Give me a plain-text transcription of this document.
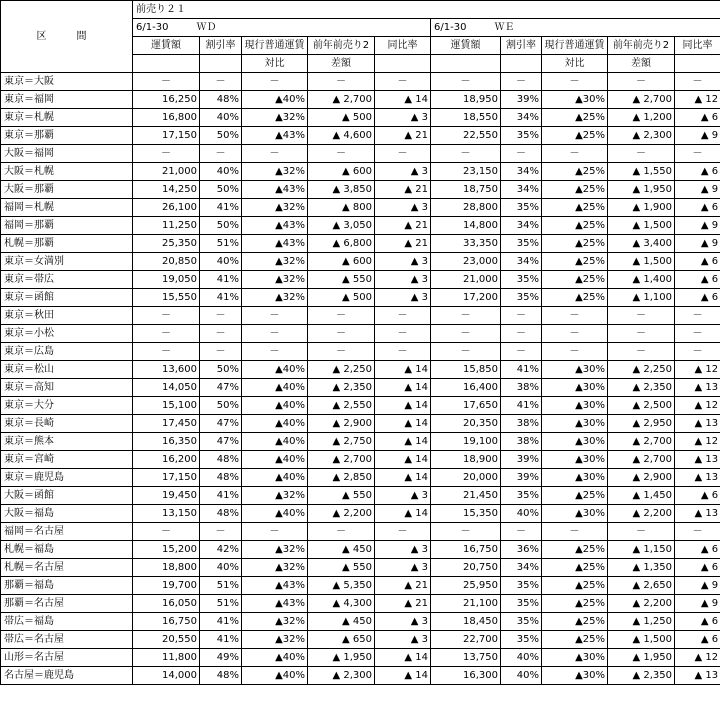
区　間	前売り２１									
	6/1-30 ＷＤ					6/1-30 ＷＥ				
	運賃額	割引率	現行普通運賃	前年前売り2	同比率	運賃額	割引率	現行普通運賃	前年前売り2	同比率
			対比	差額				対比	差額	
東京＝大阪	－	－	－	－	－	－	－	－	－	－
東京＝福岡	16,250	48%	▲40%	▲ 2,700	▲ 14	18,950	39%	▲30%	▲ 2,700	▲ 12
東京＝札幌	16,800	40%	▲32%	▲ 500	▲ 3	18,550	34%	▲25%	▲ 1,200	▲ 6
東京＝那覇	17,150	50%	▲43%	▲ 4,600	▲ 21	22,550	35%	▲25%	▲ 2,300	▲ 9
大阪＝福岡	－	－	－	－	－	－	－	－	－	－
大阪＝札幌	21,000	40%	▲32%	▲ 600	▲ 3	23,150	34%	▲25%	▲ 1,550	▲ 6
大阪＝那覇	14,250	50%	▲43%	▲ 3,850	▲ 21	18,750	34%	▲25%	▲ 1,950	▲ 9
福岡＝札幌	26,100	41%	▲32%	▲ 800	▲ 3	28,800	35%	▲25%	▲ 1,900	▲ 6
福岡＝那覇	11,250	50%	▲43%	▲ 3,050	▲ 21	14,800	34%	▲25%	▲ 1,500	▲ 9
札幌＝那覇	25,350	51%	▲43%	▲ 6,800	▲ 21	33,350	35%	▲25%	▲ 3,400	▲ 9
東京＝女満別	20,850	40%	▲32%	▲ 600	▲ 3	23,000	34%	▲25%	▲ 1,500	▲ 6
東京＝帯広	19,050	41%	▲32%	▲ 550	▲ 3	21,000	35%	▲25%	▲ 1,400	▲ 6
東京＝函館	15,550	41%	▲32%	▲ 500	▲ 3	17,200	35%	▲25%	▲ 1,100	▲ 6
東京＝秋田	－	－	－	－	－	－	－	－	－	－
東京＝小松	－	－	－	－	－	－	－	－	－	－
東京＝広島	－	－	－	－	－	－	－	－	－	－
東京＝松山	13,600	50%	▲40%	▲ 2,250	▲ 14	15,850	41%	▲30%	▲ 2,250	▲ 12
東京＝高知	14,050	47%	▲40%	▲ 2,350	▲ 14	16,400	38%	▲30%	▲ 2,350	▲ 13
東京＝大分	15,100	50%	▲40%	▲ 2,550	▲ 14	17,650	41%	▲30%	▲ 2,500	▲ 12
東京＝長崎	17,450	47%	▲40%	▲ 2,900	▲ 14	20,350	38%	▲30%	▲ 2,950	▲ 13
東京＝熊本	16,350	47%	▲40%	▲ 2,750	▲ 14	19,100	38%	▲30%	▲ 2,700	▲ 12
東京＝宮崎	16,200	48%	▲40%	▲ 2,700	▲ 14	18,900	39%	▲30%	▲ 2,700	▲ 13
東京＝鹿児島	17,150	48%	▲40%	▲ 2,850	▲ 14	20,000	39%	▲30%	▲ 2,900	▲ 13
大阪＝函館	19,450	41%	▲32%	▲ 550	▲ 3	21,450	35%	▲25%	▲ 1,450	▲ 6
大阪＝福島	13,150	48%	▲40%	▲ 2,200	▲ 14	15,350	40%	▲30%	▲ 2,200	▲ 13
福岡＝名古屋	－	－	－	－	－	－	－	－	－	－
札幌＝福島	15,200	42%	▲32%	▲ 450	▲ 3	16,750	36%	▲25%	▲ 1,150	▲ 6
札幌＝名古屋	18,800	40%	▲32%	▲ 550	▲ 3	20,750	34%	▲25%	▲ 1,350	▲ 6
那覇＝福島	19,700	51%	▲43%	▲ 5,350	▲ 21	25,950	35%	▲25%	▲ 2,650	▲ 9
那覇＝名古屋	16,050	51%	▲43%	▲ 4,300	▲ 21	21,100	35%	▲25%	▲ 2,200	▲ 9
帯広＝福島	16,750	41%	▲32%	▲ 450	▲ 3	18,450	35%	▲25%	▲ 1,250	▲ 6
帯広＝名古屋	20,550	41%	▲32%	▲ 650	▲ 3	22,700	35%	▲25%	▲ 1,500	▲ 6
山形＝名古屋	11,800	49%	▲40%	▲ 1,950	▲ 14	13,750	40%	▲30%	▲ 1,950	▲ 12
名古屋＝鹿児島	14,000	48%	▲40%	▲ 2,300	▲ 14	16,300	40%	▲30%	▲ 2,350	▲ 13
